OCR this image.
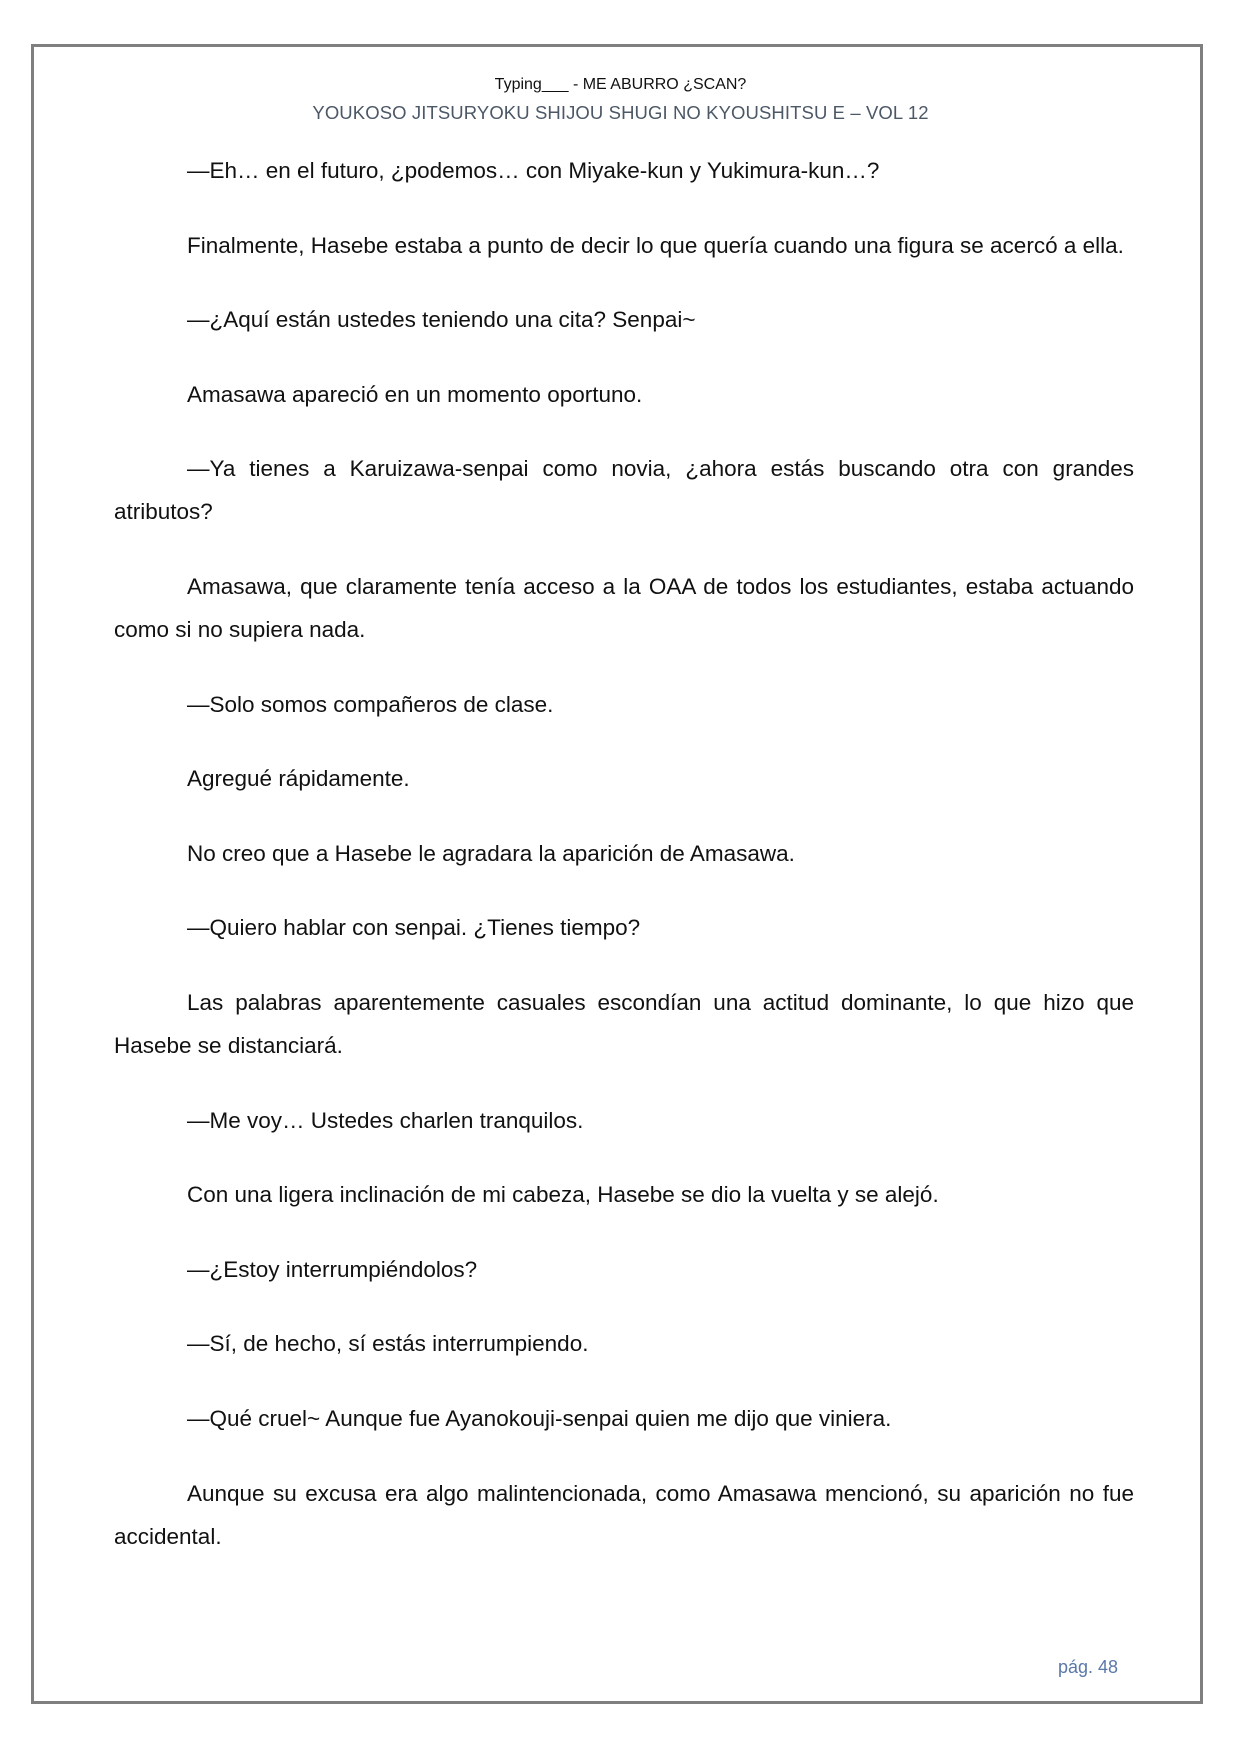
Typing___ - ME ABURRO ¿SCAN?
YOUKOSO JITSURYOKU SHIJOU SHUGI NO KYOUSHITSU E – VOL 12

—Eh… en el futuro, ¿podemos… con Miyake-kun y Yukimura-kun…?

Finalmente, Hasebe estaba a punto de decir lo que quería cuando una figura se acercó a ella.

—¿Aquí están ustedes teniendo una cita? Senpai~

Amasawa apareció en un momento oportuno.

—Ya tienes a Karuizawa-senpai como novia, ¿ahora estás buscando otra con grandes atributos?

Amasawa, que claramente tenía acceso a la OAA de todos los estudiantes, estaba actuando como si no supiera nada.

—Solo somos compañeros de clase.

Agregué rápidamente.

No creo que a Hasebe le agradara la aparición de Amasawa.

—Quiero hablar con senpai. ¿Tienes tiempo?

Las palabras aparentemente casuales escondían una actitud dominante, lo que hizo que Hasebe se distanciará.

—Me voy… Ustedes charlen tranquilos.

Con una ligera inclinación de mi cabeza, Hasebe se dio la vuelta y se alejó.

—¿Estoy interrumpiéndolos?

—Sí, de hecho, sí estás interrumpiendo.

—Qué cruel~ Aunque fue Ayanokouji-senpai quien me dijo que viniera.

Aunque su excusa era algo malintencionada, como Amasawa mencionó, su aparición no fue accidental.

pág. 48
